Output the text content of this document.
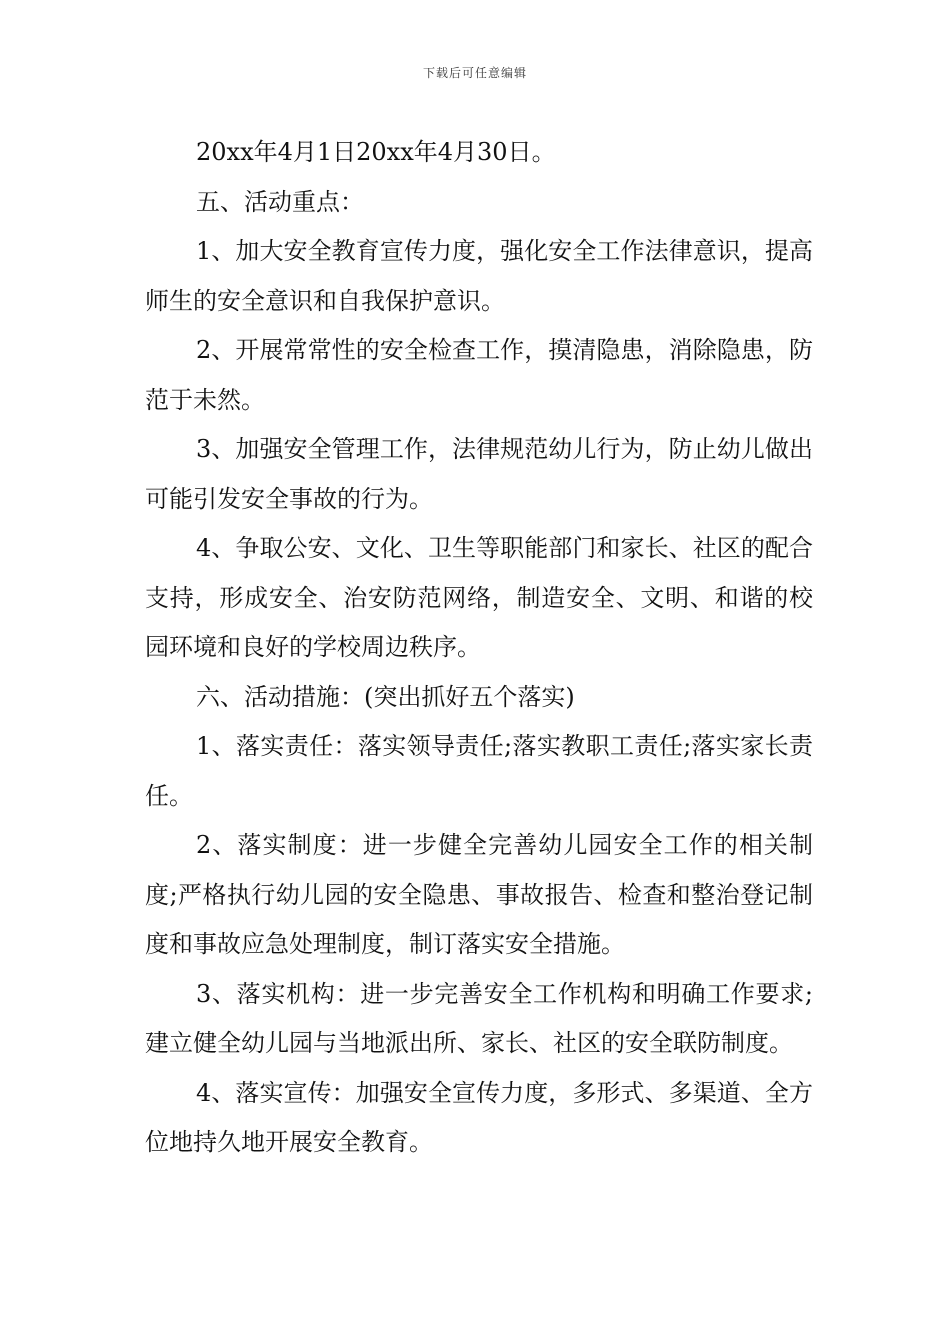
下载后可任意编辑

20xx年4月1日20xx年4月30日。

五、活动重点：

1、加大安全教育宣传力度，强化安全工作法律意识，提高师生的安全意识和自我保护意识。

2、开展常常性的安全检查工作，摸清隐患，消除隐患，防范于未然。

3、加强安全管理工作，法律规范幼儿行为，防止幼儿做出可能引发安全事故的行为。

4、争取公安、文化、卫生等职能部门和家长、社区的配合支持，形成安全、治安防范网络，制造安全、文明、和谐的校园环境和良好的学校周边秩序。

六、活动措施：(突出抓好五个落实)

1、落实责任：落实领导责任;落实教职工责任;落实家长责任。

2、落实制度：进一步健全完善幼儿园安全工作的相关制度;严格执行幼儿园的安全隐患、事故报告、检查和整治登记制度和事故应急处理制度，制订落实安全措施。

3、落实机构：进一步完善安全工作机构和明确工作要求;建立健全幼儿园与当地派出所、家长、社区的安全联防制度。

4、落实宣传：加强安全宣传力度，多形式、多渠道、全方位地持久地开展安全教育。
